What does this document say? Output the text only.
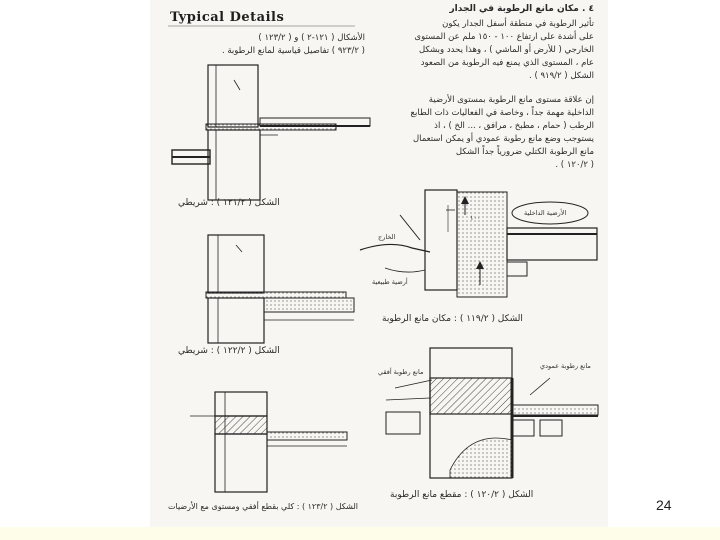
Typical Details
الأشكال ( ١٢١-٢ ) و ( ١٢٣/٢ )
( ٩٢٣/٢ ) تفاصيل قياسية لمانع الرطوبة .
٤ . مكان مانع الرطوبة في الجدار
تأثير الرطوبة في منطقة أسفل الجدار يكون
على أشدة على ارتفاع ١٠٠ - ١٥٠ ملم عن المستوى
الخارجي ( للأرض أو الماشي ) ، وهذا يحدد وبشكل
عام ، المستوى الذي يمنع فيه الرطوبة من الصعود
الشكل ( ٩١٩/٢ ) .
إن علاقة مستوى مانع الرطوبة بمستوى الأرضية
الداخلية مهمة جداً ، وخاصة في الفعاليات ذات الطابع
الرطب ( حمام ، مطبخ ، مرافق ، ... الخ ) ، اذ
يستوجب وضع مانع رطوبة عمودي أو يمكن استعمال
مانع الرطوبة الكتلي ضرورياً جداً الشكل
( ١٢٠/٢ ) .
الشكل ( ١٢١/٢ ) : شريطي
الشكل ( ١٢٢/٢ ) : شريطي
الشكل ( ١٢٣/٢ ) : كلي بقطع أفقي ومستوى مع الأرضيات
الشكل ( ١١٩/٢ ) : مكان مانع الرطوبة
الشكل ( ١٢٠/٢ ) : مقطع مانع الرطوبة
الأرضية الداخلية
١٠٠
الخارج
أرضية طبيعية
مانع رطوبة عمودي
مانع رطوبة أفقي
24
